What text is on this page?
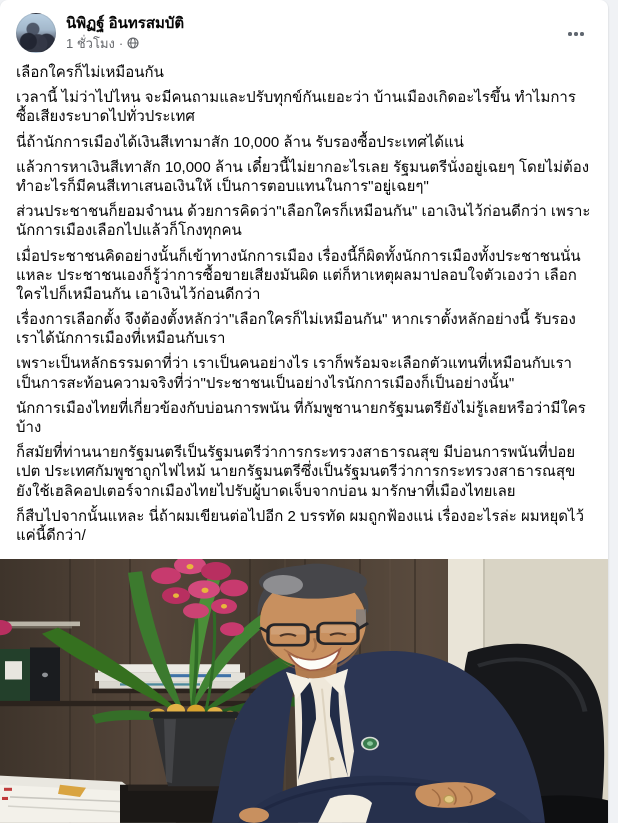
นิพิฏฐ์ อินทรสมบัติ
1 ชั่วโมง ·

เลือกใครก็ไม่เหมือนกัน

เวลานี้ ไม่ว่าไปไหน จะมีคนถามและปรับทุกข์กันเยอะว่า บ้านเมืองเกิดอะไรขึ้น ทำไมการซื้อเสียงระบาดไปทั่วประเทศ

นี่ถ้านักการเมืองได้เงินสีเทามาสัก 10,000 ล้าน รับรองซื้อประเทศได้แน่

แล้วการหาเงินสีเทาสัก 10,000 ล้าน เดี๋ยวนี้ไม่ยากอะไรเลย รัฐมนตรีนั่งอยู่เฉยๆ โดยไม่ต้องทำอะไรก็มีคนสีเทาเสนอเงินให้ เป็นการตอบแทนในการ"อยู่เฉยๆ"

ส่วนประชาชนก็ยอมจำนน ด้วยการคิดว่า"เลือกใครก็เหมือนกัน" เอาเงินไว้ก่อนดีกว่า เพราะนักการเมืองเลือกไปแล้วก็โกงทุกคน

เมื่อประชาชนคิดอย่างนั้นก็เข้าทางนักการเมือง เรื่องนี้ก็ผิดทั้งนักการเมืองทั้งประชาชนนั่นแหละ ประชาชนเองก็รู้ว่าการซื้อขายเสียงมันผิด แต่ก็หาเหตุผลมาปลอบใจตัวเองว่า เลือกใครไปก็เหมือนกัน เอาเงินไว้ก่อนดีกว่า

เรื่องการเลือกตั้ง จึงต้องตั้งหลักว่า"เลือกใครก็ไม่เหมือนกัน" หากเราตั้งหลักอย่างนี้ รับรองเราได้นักการเมืองที่เหมือนกับเรา

เพราะเป็นหลักธรรมดาที่ว่า เราเป็นคนอย่างไร เราก็พร้อมจะเลือกตัวแทนที่เหมือนกับเรา เป็นการสะท้อนความจริงที่ว่า"ประชาชนเป็นอย่างไรนักการเมืองก็เป็นอย่างนั้น"

นักการเมืองไทยที่เกี่ยวข้องกับบ่อนการพนัน ที่กัมพูชานายกรัฐมนตรียังไม่รู้เลยหรือว่ามีใครบ้าง

ก็สมัยที่ท่านนายกรัฐมนตรีเป็นรัฐมนตรีว่าการกระทรวงสาธารณสุข มีบ่อนการพนันที่ปอยเปต ประเทศกัมพูชาถูกไฟไหม้ นายกรัฐมนตรีซึ่งเป็นรัฐมนตรีว่าการกระทรวงสาธารณสุข ยังใช้เฮลิคอปเตอร์จากเมืองไทยไปรับผู้บาดเจ็บจากบ่อน มารักษาที่เมืองไทยเลย

ก็สืบไปจากนั้นแหละ นี่ถ้าผมเขียนต่อไปอีก 2 บรรทัด ผมถูกฟ้องแน่ เรื่องอะไรล่ะ ผมหยุดไว้แค่นี้ดีกว่า/
